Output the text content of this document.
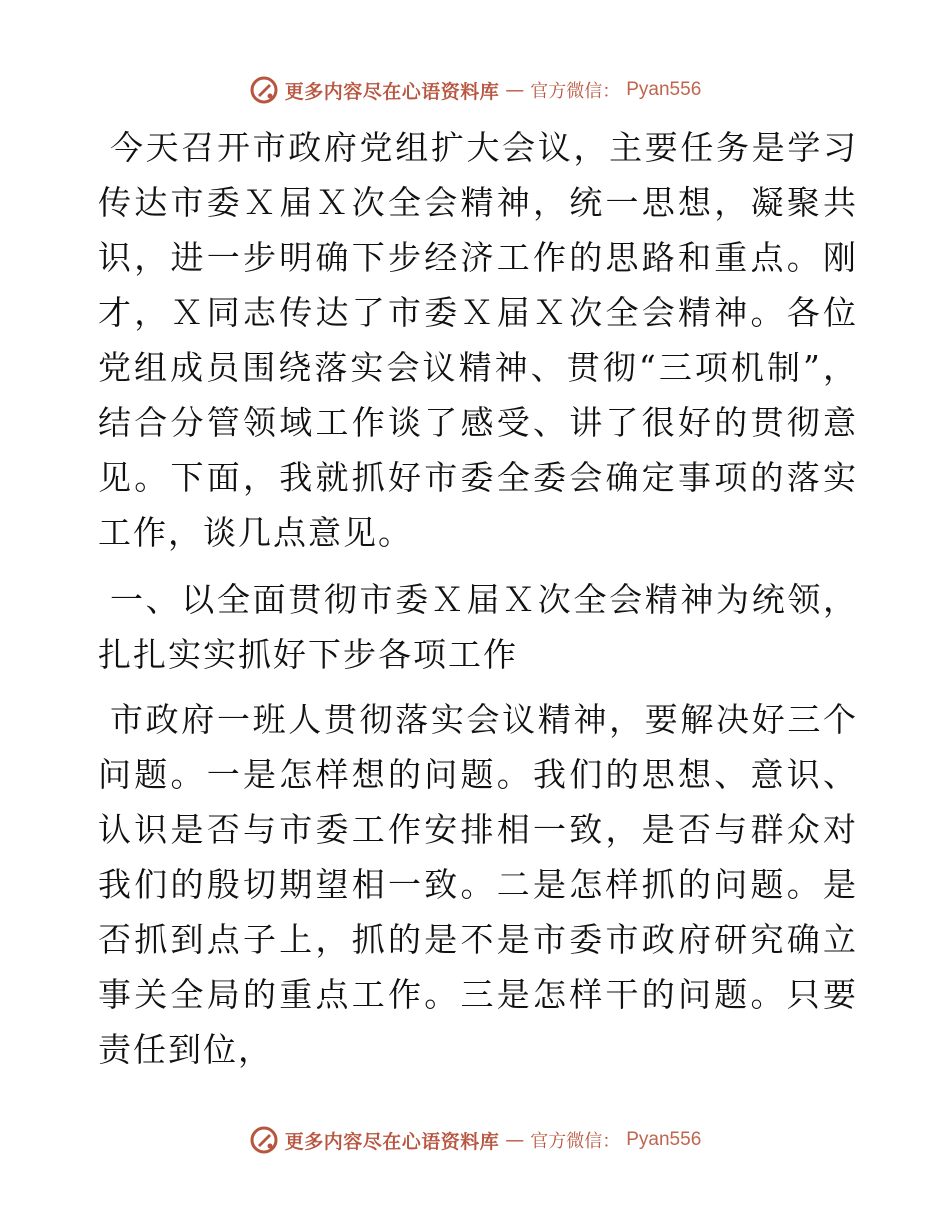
更多内容尽在心语资料库 — 官方微信： Pyan556

今天召开市政府党组扩大会议，主要任务是学习传达市委Ｘ届Ｘ次全会精神，统一思想，凝聚共识，进一步明确下步经济工作的思路和重点。刚才，Ｘ同志传达了市委Ｘ届Ｘ次全会精神。各位党组成员围绕落实会议精神、贯彻“三项机制”，结合分管领域工作谈了感受、讲了很好的贯彻意见。下面，我就抓好市委全委会确定事项的落实工作，谈几点意见。

一、以全面贯彻市委Ｘ届Ｘ次全会精神为统领，扎扎实实抓好下步各项工作

市政府一班人贯彻落实会议精神，要解决好三个问题。一是怎样想的问题。我们的思想、意识、认识是否与市委工作安排相一致，是否与群众对我们的殷切期望相一致。二是怎样抓的问题。是否抓到点子上，抓的是不是市委市政府研究确立事关全局的重点工作。三是怎样干的问题。只要责任到位，

更多内容尽在心语资料库 — 官方微信： Pyan556
